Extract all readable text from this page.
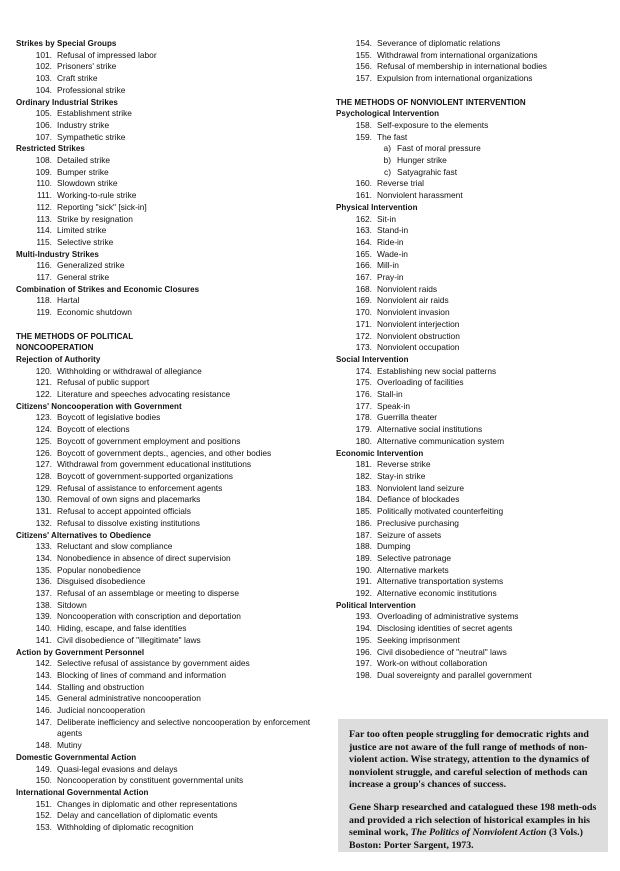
Strikes by Special Groups
101. Refusal of impressed labor
102. Prisoners' strike
103. Craft strike
104. Professional strike
Ordinary Industrial Strikes
105. Establishment strike
106. Industry strike
107. Sympathetic strike
Restricted Strikes
108. Detailed strike
109. Bumper strike
110. Slowdown strike
111. Working-to-rule strike
112. Reporting "sick" [sick-in]
113. Strike by resignation
114. Limited strike
115. Selective strike
Multi-Industry Strikes
116. Generalized strike
117. General strike
Combination of Strikes and Economic Closures
118. Hartal
119. Economic shutdown
THE METHODS OF POLITICAL
NONCOOPERATION
Rejection of Authority
120. Withholding or withdrawal of allegiance
121. Refusal of public support
122. Literature and speeches advocating resistance
Citizens' Noncooperation with Government
123. Boycott of legislative bodies
124. Boycott of elections
125. Boycott of government employment and positions
126. Boycott of government depts., agencies, and other bodies
127. Withdrawal from government educational institutions
128. Boycott of government-supported organizations
129. Refusal of assistance to enforcement agents
130. Removal of own signs and placemarks
131. Refusal to accept appointed officials
132. Refusal to dissolve existing institutions
Citizens' Alternatives to Obedience
133. Reluctant and slow compliance
134. Nonobedience in absence of direct supervision
135. Popular nonobedience
136. Disguised disobedience
137. Refusal of an assemblage or meeting to disperse
138. Sitdown
139. Noncooperation with conscription and deportation
140. Hiding, escape, and false identities
141. Civil disobedience of "illegitimate" laws
Action by Government Personnel
142. Selective refusal of assistance by government aides
143. Blocking of lines of command and information
144. Stalling and obstruction
145. General administrative noncooperation
146. Judicial noncooperation
147. Deliberate inefficiency and selective noncooperation by enforcement agents
148. Mutiny
Domestic Governmental Action
149. Quasi-legal evasions and delays
150. Noncooperation by constituent governmental units
International Governmental Action
151. Changes in diplomatic and other representations
152. Delay and cancellation of diplomatic events
153. Withholding of diplomatic recognition
154. Severance of diplomatic relations
155. Withdrawal from international organizations
156. Refusal of membership in international bodies
157. Expulsion from international organizations
THE METHODS OF NONVIOLENT INTERVENTION
Psychological Intervention
158. Self-exposure to the elements
159. The fast
a) Fast of moral pressure
b) Hunger strike
c) Satyagrahic fast
160. Reverse trial
161. Nonviolent harassment
Physical Intervention
162. Sit-in
163. Stand-in
164. Ride-in
165. Wade-in
166. Mill-in
167. Pray-in
168. Nonviolent raids
169. Nonviolent air raids
170. Nonviolent invasion
171. Nonviolent interjection
172. Nonviolent obstruction
173. Nonviolent occupation
Social Intervention
174. Establishing new social patterns
175. Overloading of facilities
176. Stall-in
177. Speak-in
178. Guerrilla theater
179. Alternative social institutions
180. Alternative communication system
Economic Intervention
181. Reverse strike
182. Stay-in strike
183. Nonviolent land seizure
184. Defiance of blockades
185. Politically motivated counterfeiting
186. Preclusive purchasing
187. Seizure of assets
188. Dumping
189. Selective patronage
190. Alternative markets
191. Alternative transportation systems
192. Alternative economic institutions
Political Intervention
193. Overloading of administrative systems
194. Disclosing identities of secret agents
195. Seeking imprisonment
196. Civil disobedience of "neutral" laws
197. Work-on without collaboration
198. Dual sovereignty and parallel government

Far too often people struggling for democratic rights and justice are not aware of the full range of methods of non-violent action. Wise strategy, attention to the dynamics of nonviolent struggle, and careful selection of methods can increase a group's chances of success.

Gene Sharp researched and catalogued these 198 meth-ods and provided a rich selection of historical examples in his seminal work, The Politics of Nonviolent Action (3 Vols.) Boston: Porter Sargent, 1973.
